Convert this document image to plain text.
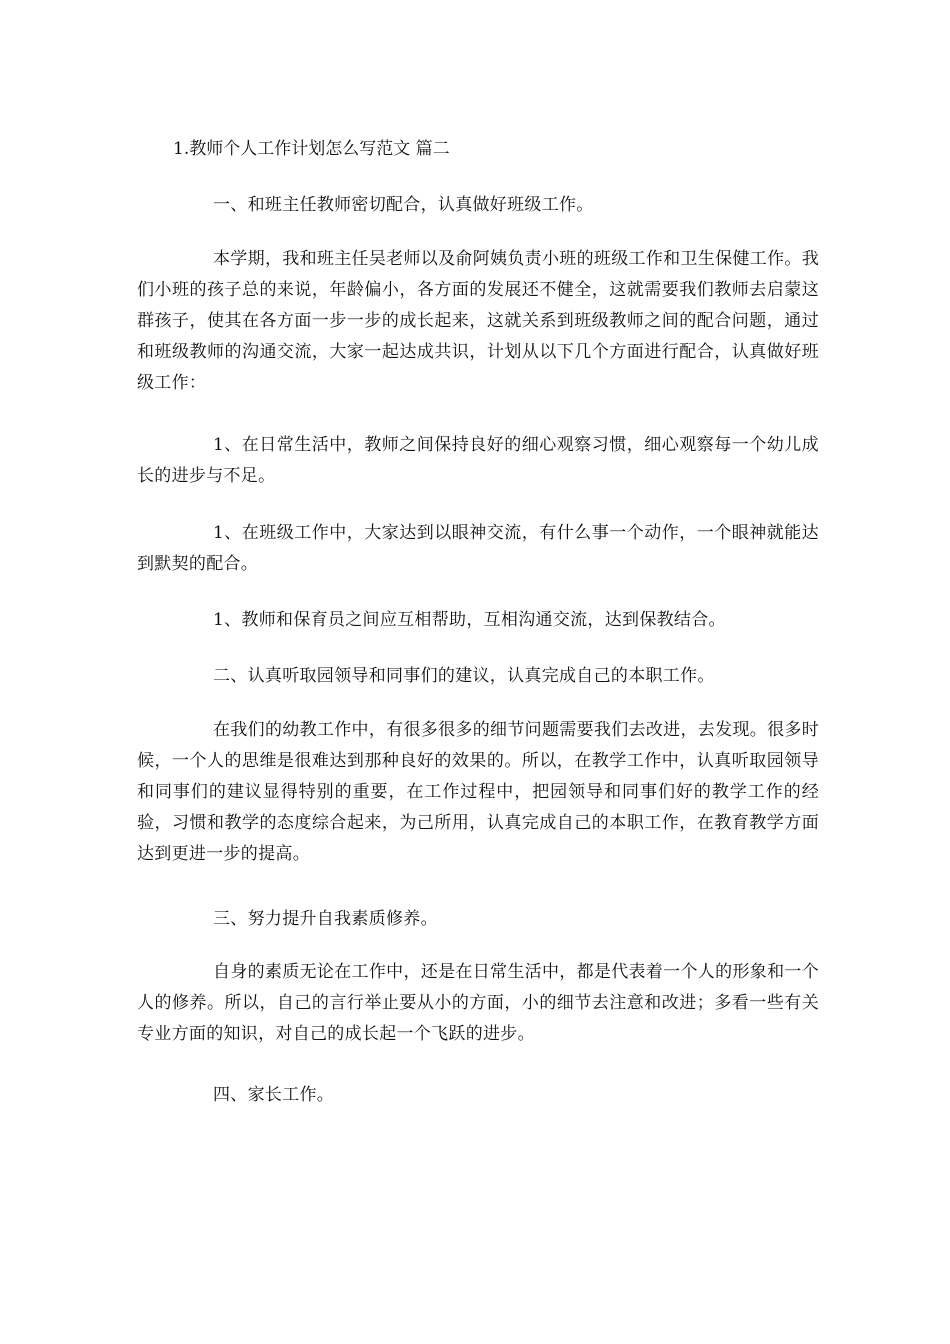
1.教师个人工作计划怎么写范文 篇二

一、和班主任教师密切配合，认真做好班级工作。

本学期，我和班主任吴老师以及俞阿姨负责小班的班级工作和卫生保健工作。我们小班的孩子总的来说，年龄偏小，各方面的发展还不健全，这就需要我们教师去启蒙这群孩子，使其在各方面一步一步的成长起来，这就关系到班级教师之间的配合问题，通过和班级教师的沟通交流，大家一起达成共识，计划从以下几个方面进行配合，认真做好班级工作：

1、在日常生活中，教师之间保持良好的细心观察习惯，细心观察每一个幼儿成长的进步与不足。

1、在班级工作中，大家达到以眼神交流，有什么事一个动作，一个眼神就能达到默契的配合。

1、教师和保育员之间应互相帮助，互相沟通交流，达到保教结合。

二、认真听取园领导和同事们的建议，认真完成自己的本职工作。

在我们的幼教工作中，有很多很多的细节问题需要我们去改进，去发现。很多时候，一个人的思维是很难达到那种良好的效果的。所以，在教学工作中，认真听取园领导和同事们的建议显得特别的重要，在工作过程中，把园领导和同事们好的教学工作的经验，习惯和教学的态度综合起来，为己所用，认真完成自己的本职工作，在教育教学方面达到更进一步的提高。

三、努力提升自我素质修养。

自身的素质无论在工作中，还是在日常生活中，都是代表着一个人的形象和一个人的修养。所以，自己的言行举止要从小的方面，小的细节去注意和改进；多看一些有关专业方面的知识，对自己的成长起一个飞跃的进步。

四、家长工作。
